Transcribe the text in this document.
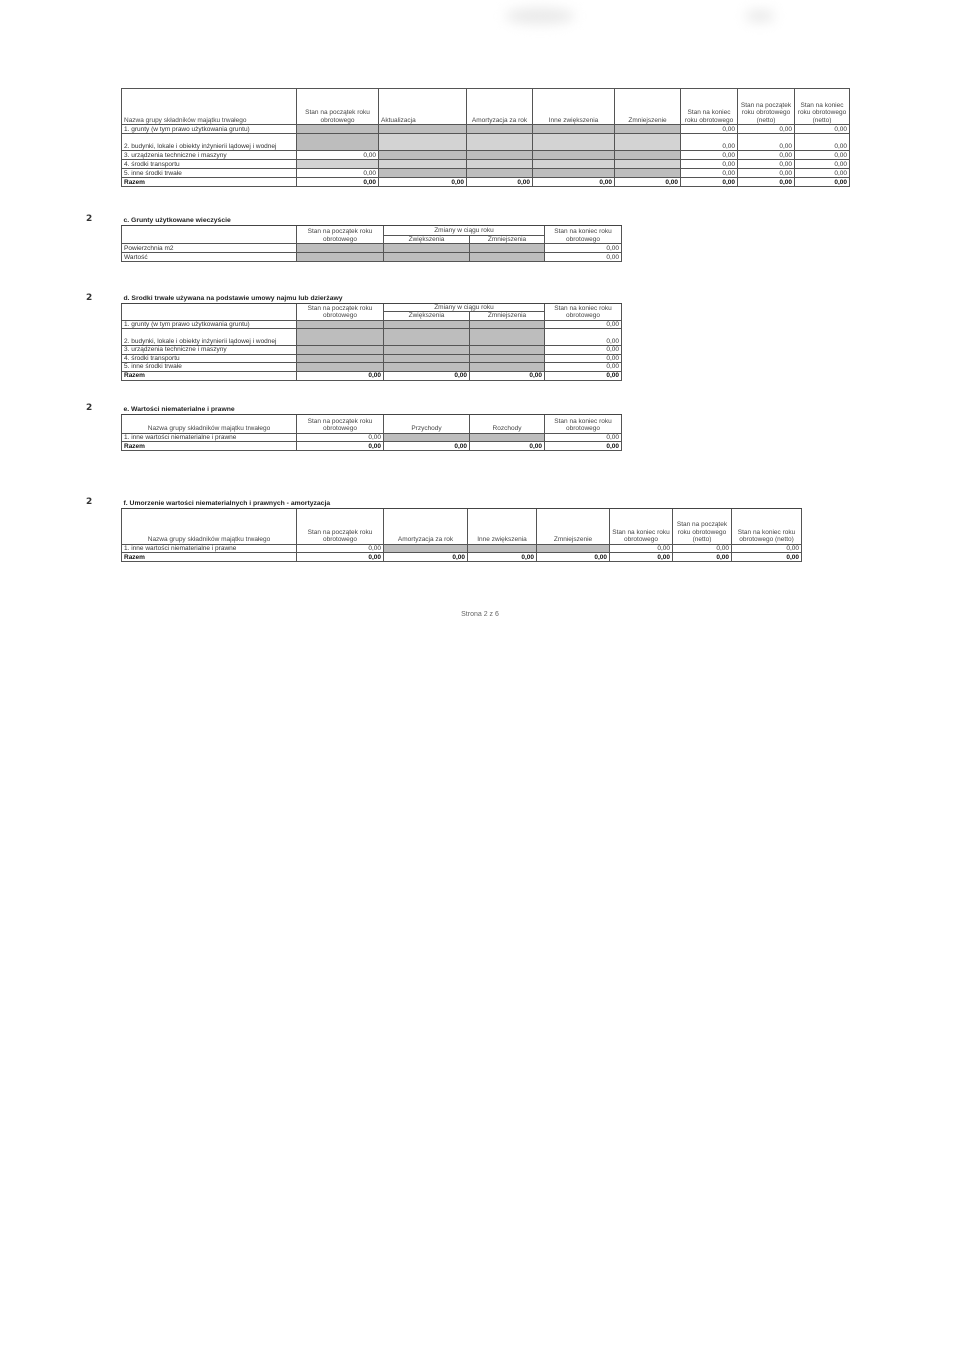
Nazwa grupy składników majątku trwałego	Stan na początek roku obrotowego	Aktualizacja	Amortyzacja za rok	Inne zwiększenia	Zmniejszenie	Stan na koniec roku obrotowego	Stan na początek roku obrotowego (netto)	Stan na koniec roku obrotowego (netto)
1. grunty (w tym prawo użytkowania gruntu)						0,00	0,00	0,00
2. budynki, lokale i obiekty inżynierii lądowej i wodnej						0,00	0,00	0,00
3. urządzenia techniczne i maszyny	0,00					0,00	0,00	0,00
4. środki transportu						0,00	0,00	0,00
5. inne środki trwałe	0,00					0,00	0,00	0,00
Razem	0,00	0,00	0,00	0,00	0,00	0,00	0,00	0,00
2	c. Grunty użytkowane wieczyście				
	Stan na początek roku obrotowego	Zmiany w ciągu roku		Stan na koniec roku obrotowego
		Zwiększenia	Zmniejszenia	
Powierzchnia m2				0,00
Wartość				0,00
2	d. Środki trwałe używana na podstawie umowy najmu lub dzierżawy				
	Stan na początek roku obrotowego	Zmiany w ciągu roku		Stan na koniec roku obrotowego
		Zwiększenia	Zmniejszenia	
1. grunty (w tym prawo użytkowania gruntu)				0,00
2. budynki, lokale i obiekty inżynierii lądowej i wodnej				0,00
3. urządzenia techniczne i maszyny				0,00
4. środki transportu				0,00
5. inne środki trwałe				0,00
Razem	0,00	0,00	0,00	0,00
2	e. Wartości niematerialne i prawne				
Nazwa grupy składników majątku trwałego	Stan na początek roku obrotowego	Przychody	Rozchody	Stan na koniec roku obrotowego
1. inne wartości niematerialne i prawne	0,00			0,00
Razem	0,00	0,00	0,00	0,00
2	f. Umorzenie wartości niematerialnych i prawnych - amortyzacja							
Nazwa grupy składników majątku trwałego	Stan na początek roku obrotowego	Amortyzacja za rok	Inne zwiększenia	Zmniejszenie	Stan na koniec roku obrotowego	Stan na początek roku obrotowego (netto)	Stan na koniec roku obrotowego (netto)
1. inne wartości niematerialne i prawne	0,00				0,00	0,00	0,00
Razem	0,00	0,00	0,00	0,00	0,00	0,00	0,00
Strona 2 z 6
